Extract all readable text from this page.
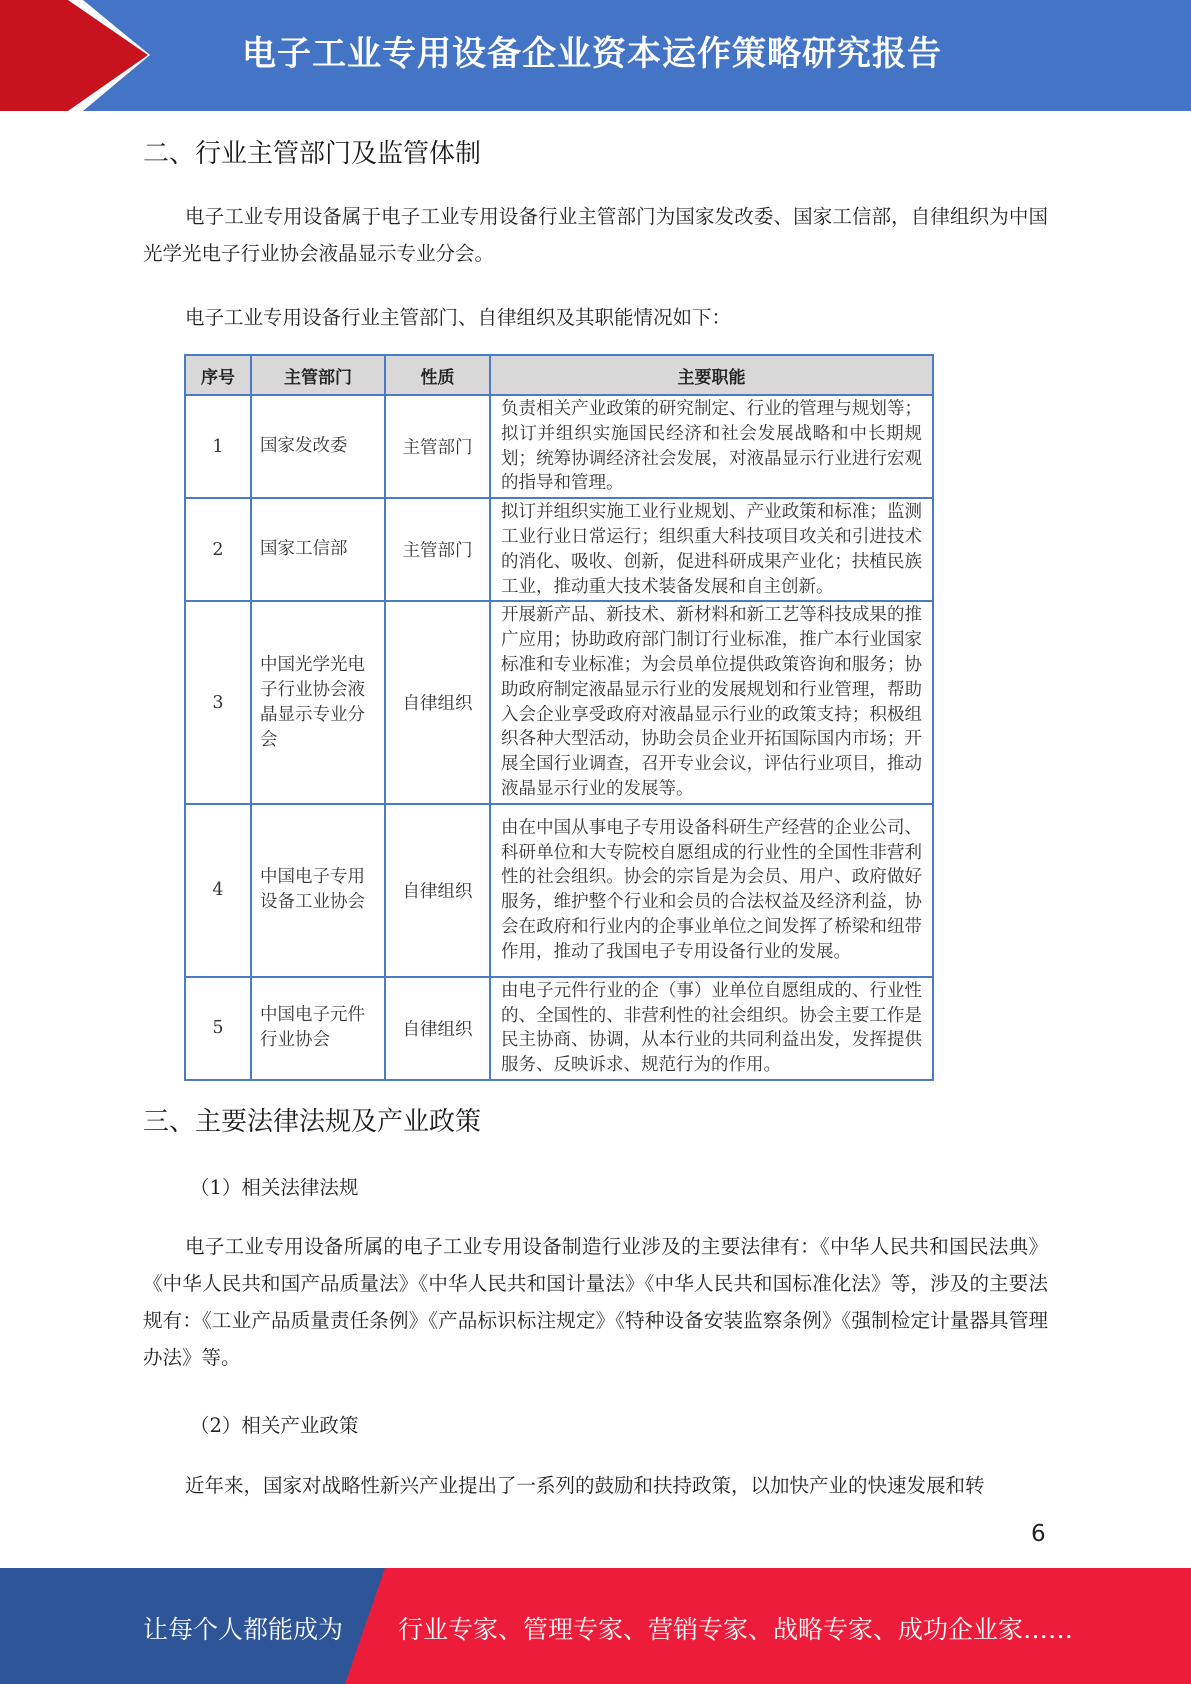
电子工业专用设备企业资本运作策略研究报告
二、行业主管部门及监管体制
电子工业专用设备属于电子工业专用设备行业主管部门为国家发改委、国家工信部，自律组织为中国光学光电子行业协会液晶显示专业分会。
电子工业专用设备行业主管部门、自律组织及其职能情况如下：
序号	主管部门	性质	主要职能
1	国家发改委	主管部门	负责相关产业政策的研究制定、行业的管理与规划等；拟订并组织实施国民经济和社会发展战略和中长期规划；统筹协调经济社会发展，对液晶显示行业进行宏观的指导和管理。
2	国家工信部	主管部门	拟订并组织实施工业行业规划、产业政策和标准；监测工业行业日常运行；组织重大科技项目攻关和引进技术的消化、吸收、创新，促进科研成果产业化；扶植民族工业，推动重大技术装备发展和自主创新。
3	中国光学光电子行业协会液晶显示专业分会	自律组织	开展新产品、新技术、新材料和新工艺等科技成果的推广应用；协助政府部门制订行业标准，推广本行业国家标准和专业标准；为会员单位提供政策咨询和服务；协助政府制定液晶显示行业的发展规划和行业管理，帮助入会企业享受政府对液晶显示行业的政策支持；积极组织各种大型活动，协助会员企业开拓国际国内市场；开展全国行业调查，召开专业会议，评估行业项目，推动液晶显示行业的发展等。
4	中国电子专用设备工业协会	自律组织	由在中国从事电子专用设备科研生产经营的企业公司、科研单位和大专院校自愿组成的行业性的全国性非营利性的社会组织。协会的宗旨是为会员、用户、政府做好服务，维护整个行业和会员的合法权益及经济利益，协会在政府和行业内的企事业单位之间发挥了桥梁和纽带作用，推动了我国电子专用设备行业的发展。
5	中国电子元件行业协会	自律组织	由电子元件行业的企（事）业单位自愿组成的、行业性的、全国性的、非营利性的社会组织。协会主要工作是民主协商、协调，从本行业的共同利益出发，发挥提供服务、反映诉求、规范行为的作用。
三、主要法律法规及产业政策
（1）相关法律法规
电子工业专用设备所属的电子工业专用设备制造行业涉及的主要法律有：《中华人民共和国民法典》《中华人民共和国产品质量法》《中华人民共和国计量法》《中华人民共和国标准化法》等，涉及的主要法规有：《工业产品质量责任条例》《产品标识标注规定》《特种设备安装监察条例》《强制检定计量器具管理办法》等。
（2）相关产业政策
近年来，国家对战略性新兴产业提出了一系列的鼓励和扶持政策，以加快产业的快速发展和转
6
让每个人都能成为 行业专家、管理专家、营销专家、战略专家、成功企业家……
